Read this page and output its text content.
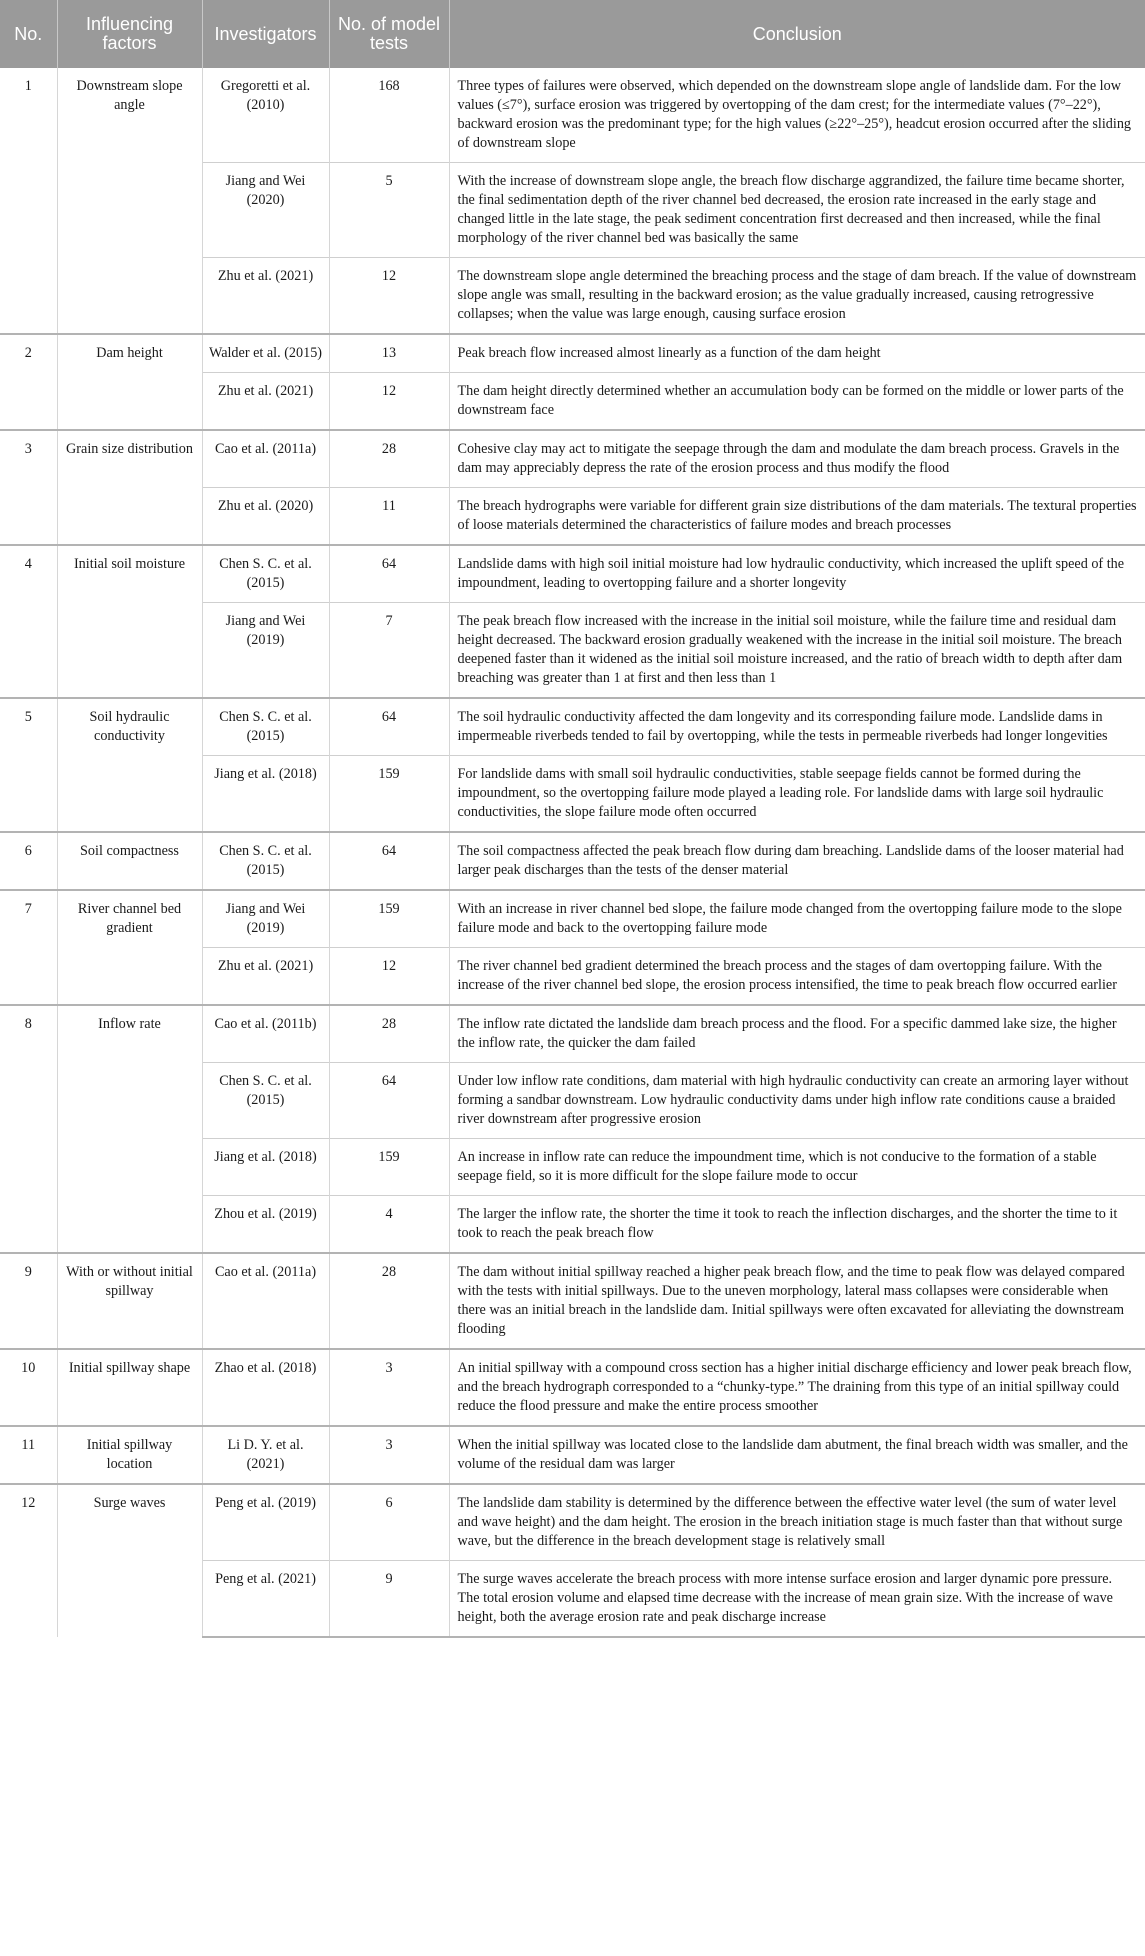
No.	Influencing factors	Investigators	No. of model tests	Conclusion
1	Downstream slope angle	Gregoretti et al. (2010)	168	Three types of failures were observed, which depended on the downstream slope angle of landslide dam. For the low values (≤7°), surface erosion was triggered by overtopping of the dam crest; for the intermediate values (7°–22°), backward erosion was the predominant type; for the high values (≥22°–25°), headcut erosion occurred after the sliding of downstream slope
		Jiang and Wei (2020)	5	With the increase of downstream slope angle, the breach flow discharge aggrandized, the failure time became shorter, the final sedimentation depth of the river channel bed decreased, the erosion rate increased in the early stage and changed little in the late stage, the peak sediment concentration first decreased and then increased, while the final morphology of the river channel bed was basically the same
		Zhu et al. (2021)	12	The downstream slope angle determined the breaching process and the stage of dam breach. If the value of downstream slope angle was small, resulting in the backward erosion; as the value gradually increased, causing retrogressive collapses; when the value was large enough, causing surface erosion
2	Dam height	Walder et al. (2015)	13	Peak breach flow increased almost linearly as a function of the dam height
		Zhu et al. (2021)	12	The dam height directly determined whether an accumulation body can be formed on the middle or lower parts of the downstream face
3	Grain size distribution	Cao et al. (2011a)	28	Cohesive clay may act to mitigate the seepage through the dam and modulate the dam breach process. Gravels in the dam may appreciably depress the rate of the erosion process and thus modify the flood
		Zhu et al. (2020)	11	The breach hydrographs were variable for different grain size distributions of the dam materials. The textural properties of loose materials determined the characteristics of failure modes and breach processes
4	Initial soil moisture	Chen S. C. et al. (2015)	64	Landslide dams with high soil initial moisture had low hydraulic conductivity, which increased the uplift speed of the impoundment, leading to overtopping failure and a shorter longevity
		Jiang and Wei (2019)	7	The peak breach flow increased with the increase in the initial soil moisture, while the failure time and residual dam height decreased. The backward erosion gradually weakened with the increase in the initial soil moisture. The breach deepened faster than it widened as the initial soil moisture increased, and the ratio of breach width to depth after dam breaching was greater than 1 at first and then less than 1
5	Soil hydraulic conductivity	Chen S. C. et al. (2015)	64	The soil hydraulic conductivity affected the dam longevity and its corresponding failure mode. Landslide dams in impermeable riverbeds tended to fail by overtopping, while the tests in permeable riverbeds had longer longevities
		Jiang et al. (2018)	159	For landslide dams with small soil hydraulic conductivities, stable seepage fields cannot be formed during the impoundment, so the overtopping failure mode played a leading role. For landslide dams with large soil hydraulic conductivities, the slope failure mode often occurred
6	Soil compactness	Chen S. C. et al. (2015)	64	The soil compactness affected the peak breach flow during dam breaching. Landslide dams of the looser material had larger peak discharges than the tests of the denser material
7	River channel bed gradient	Jiang and Wei (2019)	159	With an increase in river channel bed slope, the failure mode changed from the overtopping failure mode to the slope failure mode and back to the overtopping failure mode
		Zhu et al. (2021)	12	The river channel bed gradient determined the breach process and the stages of dam overtopping failure. With the increase of the river channel bed slope, the erosion process intensified, the time to peak breach flow occurred earlier
8	Inflow rate	Cao et al. (2011b)	28	The inflow rate dictated the landslide dam breach process and the flood. For a specific dammed lake size, the higher the inflow rate, the quicker the dam failed
		Chen S. C. et al. (2015)	64	Under low inflow rate conditions, dam material with high hydraulic conductivity can create an armoring layer without forming a sandbar downstream. Low hydraulic conductivity dams under high inflow rate conditions cause a braided river downstream after progressive erosion
		Jiang et al. (2018)	159	An increase in inflow rate can reduce the impoundment time, which is not conducive to the formation of a stable seepage field, so it is more difficult for the slope failure mode to occur
		Zhou et al. (2019)	4	The larger the inflow rate, the shorter the time it took to reach the inflection discharges, and the shorter the time to it took to reach the peak breach flow
9	With or without initial spillway	Cao et al. (2011a)	28	The dam without initial spillway reached a higher peak breach flow, and the time to peak flow was delayed compared with the tests with initial spillways. Due to the uneven morphology, lateral mass collapses were considerable when there was an initial breach in the landslide dam. Initial spillways were often excavated for alleviating the downstream flooding
10	Initial spillway shape	Zhao et al. (2018)	3	An initial spillway with a compound cross section has a higher initial discharge efficiency and lower peak breach flow, and the breach hydrograph corresponded to a “chunky-type.” The draining from this type of an initial spillway could reduce the flood pressure and make the entire process smoother
11	Initial spillway location	Li D. Y. et al. (2021)	3	When the initial spillway was located close to the landslide dam abutment, the final breach width was smaller, and the volume of the residual dam was larger
12	Surge waves	Peng et al. (2019)	6	The landslide dam stability is determined by the difference between the effective water level (the sum of water level and wave height) and the dam height. The erosion in the breach initiation stage is much faster than that without surge wave, but the difference in the breach development stage is relatively small
		Peng et al. (2021)	9	The surge waves accelerate the breach process with more intense surface erosion and larger dynamic pore pressure. The total erosion volume and elapsed time decrease with the increase of mean grain size. With the increase of wave height, both the average erosion rate and peak discharge increase
